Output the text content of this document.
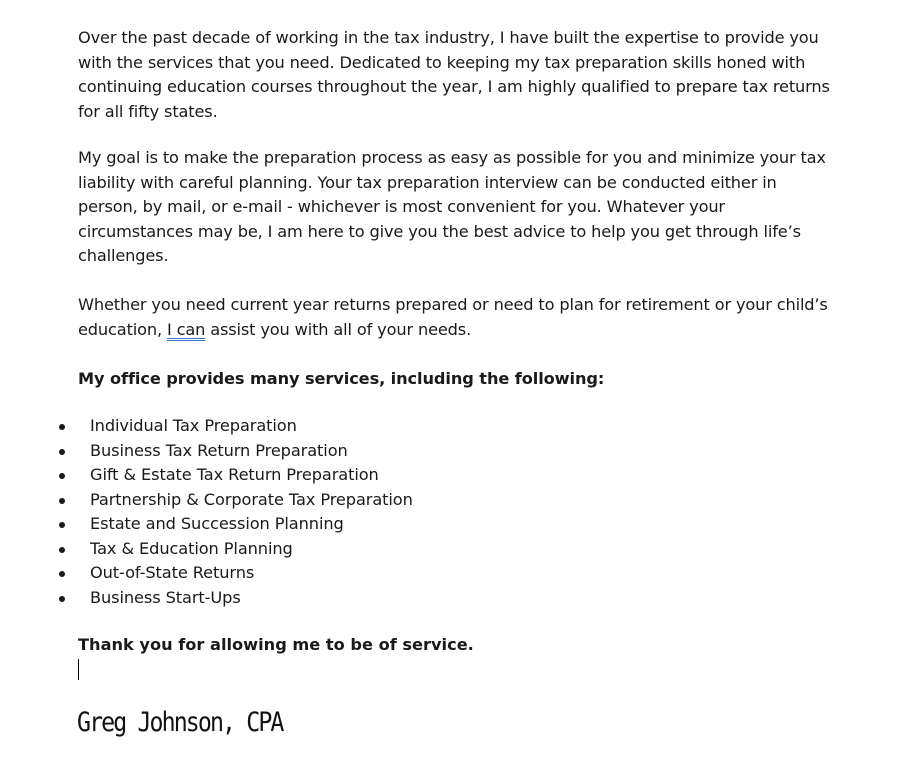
Over the past decade of working in the tax industry, I have built the expertise to provide you
with the services that you need. Dedicated to keeping my tax preparation skills honed with
continuing education courses throughout the year, I am highly qualified to prepare tax returns
for all fifty states.

My goal is to make the preparation process as easy as possible for you and minimize your tax
liability with careful planning. Your tax preparation interview can be conducted either in
person, by mail, or e-mail - whichever is most convenient for you. Whatever your
circumstances may be, I am here to give you the best advice to help you get through life’s
challenges.

Whether you need current year returns prepared or need to plan for retirement or your child’s
education, I can assist you with all of your needs.

My office provides many services, including the following:

Individual Tax Preparation
Business Tax Return Preparation
Gift & Estate Tax Return Preparation
Partnership & Corporate Tax Preparation
Estate and Succession Planning
Tax & Education Planning
Out-of-State Returns
Business Start-Ups

Thank you for allowing me to be of service.

Greg Johnson, CPA
